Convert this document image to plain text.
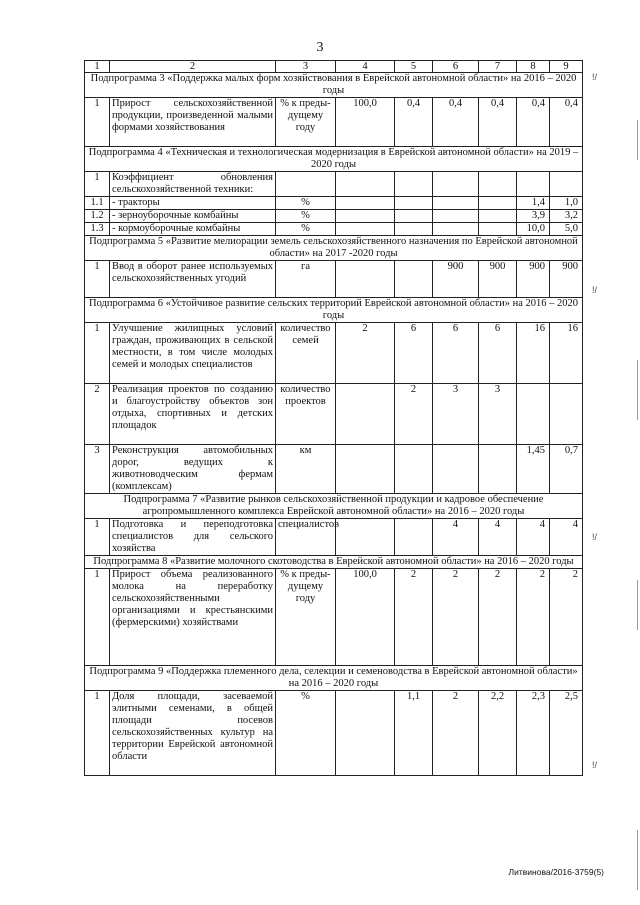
3
1	2	3	4	5	6	7	8	9
Подпрограмма 3 «Поддержка малых форм хозяйствования в Еврейской автономной области» на 2016 – 2020 годы								
1	Прирост сельскохозяйственной продукции, произведенной малыми формами хозяйствования	% к преды-дущему году	100,0	0,4	0,4	0,4	0,4	0,4
Подпрограмма 4 «Техническая и технологическая модернизация в Еврейской автономной области» на 2019 – 2020 годы								
1	Коэффициент обновления сельскохозяйственной техники:							
1.1	- тракторы	%					1,4	1,0
1.2	- зерноуборочные комбайны	%					3,9	3,2
1.3	- кормоуборочные комбайны	%					10,0	5,0
Подпрограмма 5 «Развитие мелиорации земель сельскохозяйственного назначения по Еврейской автономной области» на 2017 -2020 годы								
1	Ввод в оборот ранее используемых сельскохозяйственных угодий	га			900	900	900	900
Подпрограмма 6 «Устойчивое развитие сельских территорий Еврейской автономной области» на 2016 – 2020 годы								
1	Улучшение жилищных условий граждан, проживающих в сельской местности, в том числе молодых семей и молодых специалистов	количество семей	2	6	6	6	16	16
2	Реализация проектов по созданию и благоустройству объектов зон отдыха, спортивных и детских площадок	количество проектов		2	3	3		
3	Реконструкция автомобильных дорог, ведущих к животноводческим фермам (комплексам)	км					1,45	0,7
Подпрограмма 7 «Развитие рынков сельскохозяйственной продукции и кадровое обеспечение агропромышленного комплекса Еврейской автономной области» на 2016 – 2020 годы								
1	Подготовка и переподготовка специалистов для сельского хозяйства	специалистов			4	4	4	4
Подпрограмма 8 «Развитие молочного скотоводства в Еврейской автономной области» на 2016 – 2020 годы								
1	Прирост объема реализованного молока на переработку сельскохозяйственными организациями и крестьянскими (фермерскими) хозяйствами	% к преды-дущему году	100,0	2	2	2	2	2
Подпрограмма 9 «Поддержка племенного дела, селекции и семеноводства в Еврейской автономной области» на 2016 – 2020 годы								
1	Доля площади, засеваемой элитными семенами, в общей площади посевов сельскохозяйственных культур на территории Еврейской автономной области	%		1,1	2	2,2	2,3	2,5
Литвинова/2016-3759(5)
!/
!/
!/
!/
